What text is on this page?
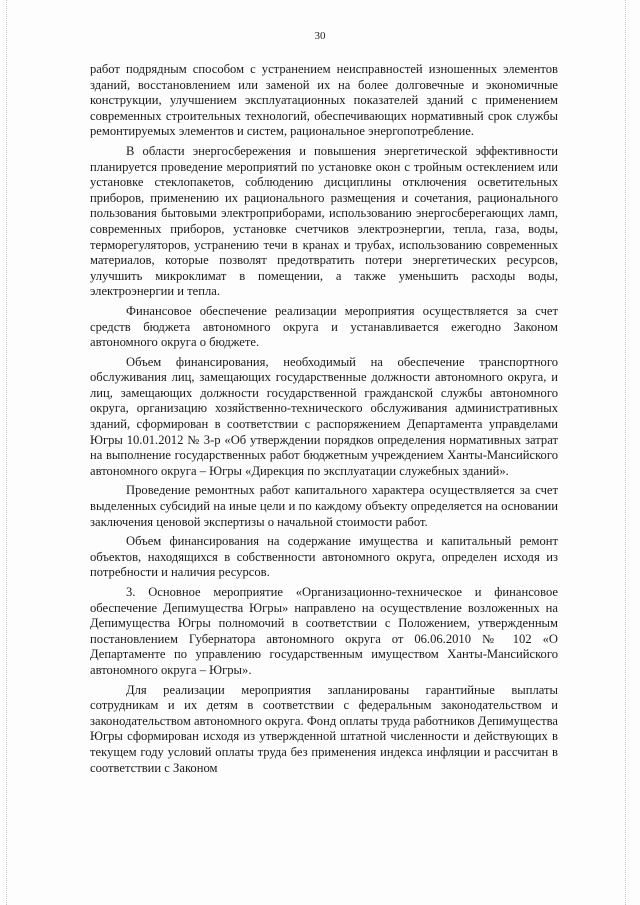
30

работ подрядным способом с устранением неисправностей изношенных элементов зданий, восстановлением или заменой их на более долговечные и экономичные конструкции, улучшением эксплуатационных показателей зданий с применением современных строительных технологий, обеспечивающих нормативный срок службы ремонтируемых элементов и систем, рациональное энергопотребление.

В области энергосбережения и повышения энергетической эффективности планируется проведение мероприятий по установке окон с тройным остеклением или установке стеклопакетов, соблюдению дисциплины отключения осветительных приборов, применению их рационального размещения и сочетания, рационального пользования бытовыми электроприборами, использованию энергосберегающих ламп, современных приборов, установке счетчиков электроэнергии, тепла, газа, воды, терморегуляторов, устранению течи в кранах и трубах, использованию современных материалов, которые позволят предотвратить потери энергетических ресурсов, улучшить микроклимат в помещении, а также уменьшить расходы воды, электроэнергии и тепла.

Финансовое обеспечение реализации мероприятия осуществляется за счет средств бюджета автономного округа и устанавливается ежегодно Законом автономного округа о бюджете.

Объем финансирования, необходимый на обеспечение транспортного обслуживания лиц, замещающих государственные должности автономного округа, и лиц, замещающих должности государственной гражданской службы автономного округа, организацию хозяйственно-технического обслуживания административных зданий, сформирован в соответствии с распоряжением Департамента управделами Югры 10.01.2012 № 3-р «Об утверждении порядков определения нормативных затрат на выполнение государственных работ бюджетным учреждением Ханты-Мансийского автономного округа – Югры «Дирекция по эксплуатации служебных зданий».

Проведение ремонтных работ капитального характера осуществляется за счет выделенных субсидий на иные цели и по каждому объекту определяется на основании заключения ценовой экспертизы о начальной стоимости работ.

Объем финансирования на содержание имущества и капитальный ремонт объектов, находящихся в собственности автономного округа, определен исходя из потребности и наличия ресурсов.

3. Основное мероприятие «Организационно-техническое и финансовое обеспечение Депимущества Югры» направлено на осуществление возложенных на Депимущества Югры полномочий в соответствии с Положением, утвержденным постановлением Губернатора автономного округа от 06.06.2010 № 102 «О Департаменте по управлению государственным имуществом Ханты-Мансийского автономного округа – Югры».

Для реализации мероприятия запланированы гарантийные выплаты сотрудникам и их детям в соответствии с федеральным законодательством и законодательством автономного округа. Фонд оплаты труда работников Депимущества Югры сформирован исходя из утвержденной штатной численности и действующих в текущем году условий оплаты труда без применения индекса инфляции и рассчитан в соответствии с Законом
